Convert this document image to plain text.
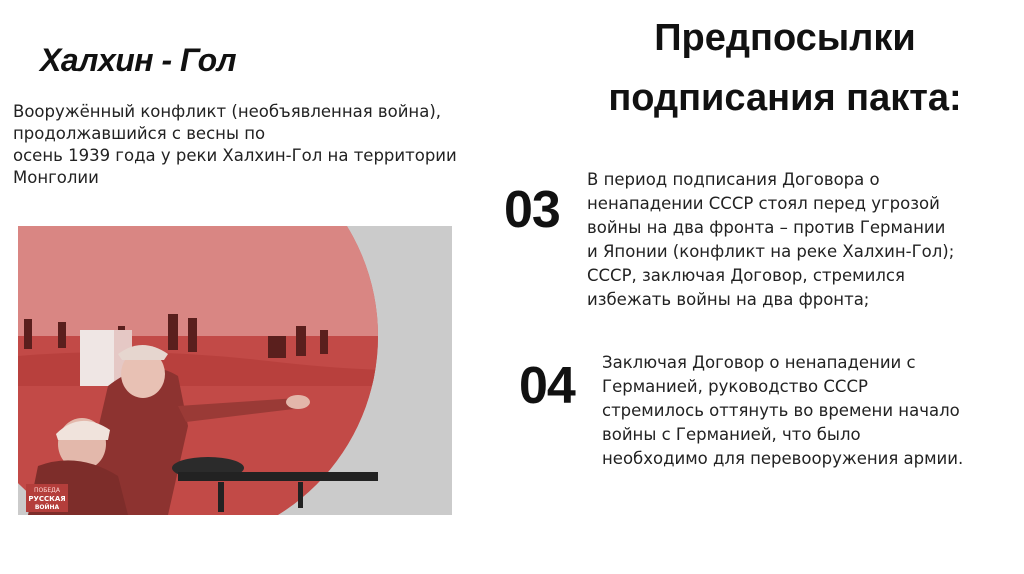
Халхин - Гол
Вооружённый конфликт (необъявленная война),
продолжавшийся с весны по
осень 1939 года у реки Халхин-Гол на территории
Монголии
ПОБЕДА
РУССКАЯ
ВОЙНА
Предпосылки
подписания пакта:
03
В период подписания Договора о
ненападении СССР стоял перед угрозой
войны на два фронта – против Германии
и Японии (конфликт на реке Халхин-Гол);
СССР, заключая Договор, стремился
избежать войны на два фронта;
04 Заключая Договор о ненападении с
Германией, руководство СССР
стремилось оттянуть во времени начало
войны с Германией, что было
необходимо для перевооружения армии.
